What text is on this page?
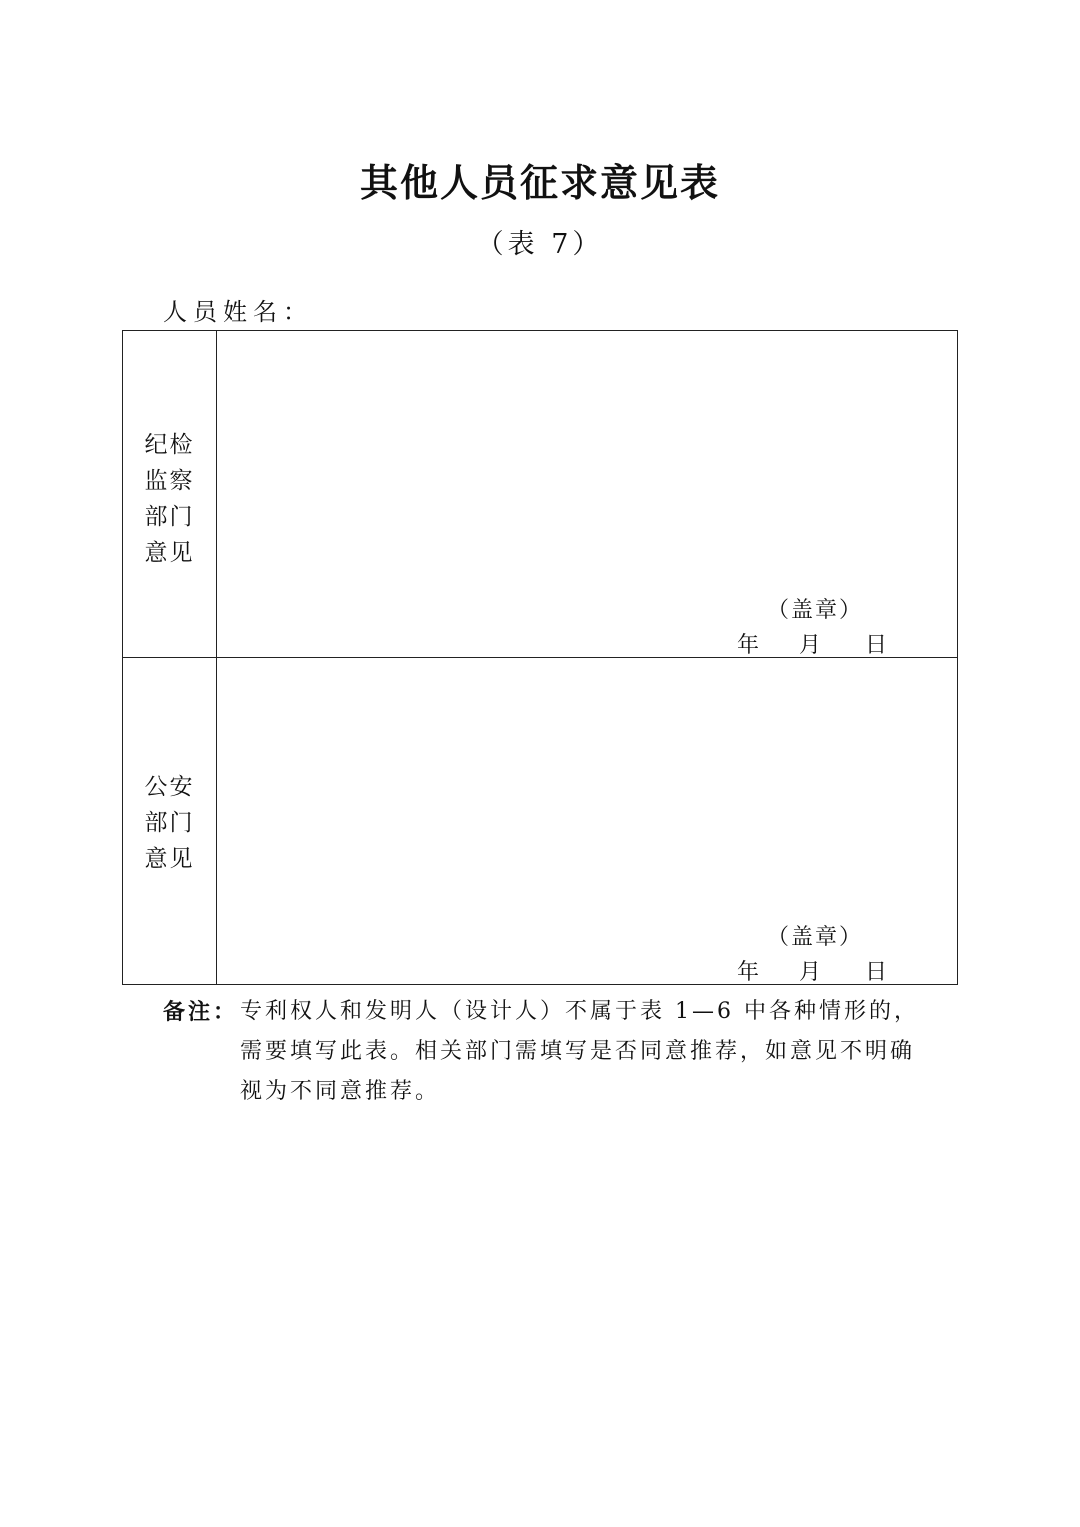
其他人员征求意见表
（表 7）
人员姓名：
纪检监察部门意见
（盖章）
年 月 日
公安部门意见
（盖章）
年 月 日
备注： 专利权人和发明人（设计人）不属于表 1—6 中各种情形的，
需要填写此表。相关部门需填写是否同意推荐，如意见不明确
视为不同意推荐。
